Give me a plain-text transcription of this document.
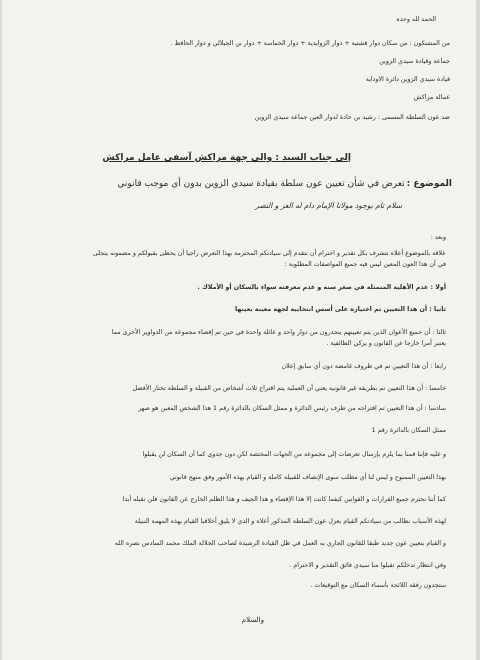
الحمد لله وحده
من المشتكون : من سكان دوار قشتية + دوار الزوايدية + دوار الخماسة + دوار بن الجيلالي و دوار الحافظ .
جماعة وقيادة سيدي الزوين
قيادة سيدي الزوين دائرة الاوداية
عمالة مراكش
ضد عون السلطة المسمى : رشيد بن حادة لدوار العين جماعة سيدي الزوين
إلى جناب السيد : والي جهة مراكش آسفي عامل مراكش
الموضوع : تعرض في شأن تعيين عون سلطة بقيادة سيدي الزوين بدون أي موجب قانوني
سلام تام بوجود مولانا الإمام دام له العز و النصر
وبعد :
علاقة بالموضوع أعلاه نتشرف بكل تقدير و احترام أن نتقدم إلى سيادتكم المحترمة بهذا التعرض راجيا أن يحظى بقبولكم و مضمونه يتجلى
في أن هذا العون المعين ليس فيه جميع المواصفات المطلوبة :
أولا : عدم الأهلية المتمثلة في صغر سنه و عدم معرفته سواء بالسكان أو الأملاك .
ثانيا : أن هذا التعيين تم اختياره على أسس انتخابية لجهة معينة بعينها
ثالثا : أن جميع الأعوان الذين يتم تعيينهم ينحدرون من دوار واحد و عائلة واحدة في حين تم إقصاء مجموعة من الدواوير الأخرى مما
يعتبر أمرا خارجا عن القانون و يزكي الطائفية .
رابعا : أن هذا التعيين تم في ظروف غامضة دون أي سابق إعلان
خامسا : أن هذا التعيين تم بطريقة غير قانونية يعني أن العملية يتم اقتراح ثلاث أشخاص من القبيلة و السلطة تختار الأفضل
سادسا : أن هذا التعيين تم اقتراحه من طرف رئيس الدائرة و ممثل السكان بالدائرة رقم 1 هذا الشخص المعين هو صهر
ممثل السكان بالدائرة رقم 1
و عليه فإننا قمنا بما يلزم بإرسال تعرضات إلى مجموعة من الجهات المختصة لكن دون جدوى كما أن السكان لن يقبلوا
بهذا التعيين الممنوح و ليس لنا أي مطلب سوى الإنصاف للقبيلة كاملة و القيام بهذه الأمور وفق منهج قانوني
كما أننا نحترم جميع القرارات و القوانين كيفما كانت إلا هذا الإقصاء و هذا الحيف و هذا الظلم الخارج عن القانون فلن نقبله أبدا
لهذه الأسباب نطالب من سيادتكم القيام بعزل عون السلطة المذكور أعلاه و الذي لا يليق أخلاقيا القيام بهذه المهمة النبيلة
و القيام بتعيين عون جديد طبقا للقانون الجاري به العمل في ظل القيادة الرشيدة لصاحب الجلالة الملك محمد السادس نصره الله
وفي انتظار تدخلكم تقبلوا منا سيدي فائق التقدير و الاحترام .
ستجدون رفقة اللائحة بأسماء السكان مع التوقيعات .
والسلام
